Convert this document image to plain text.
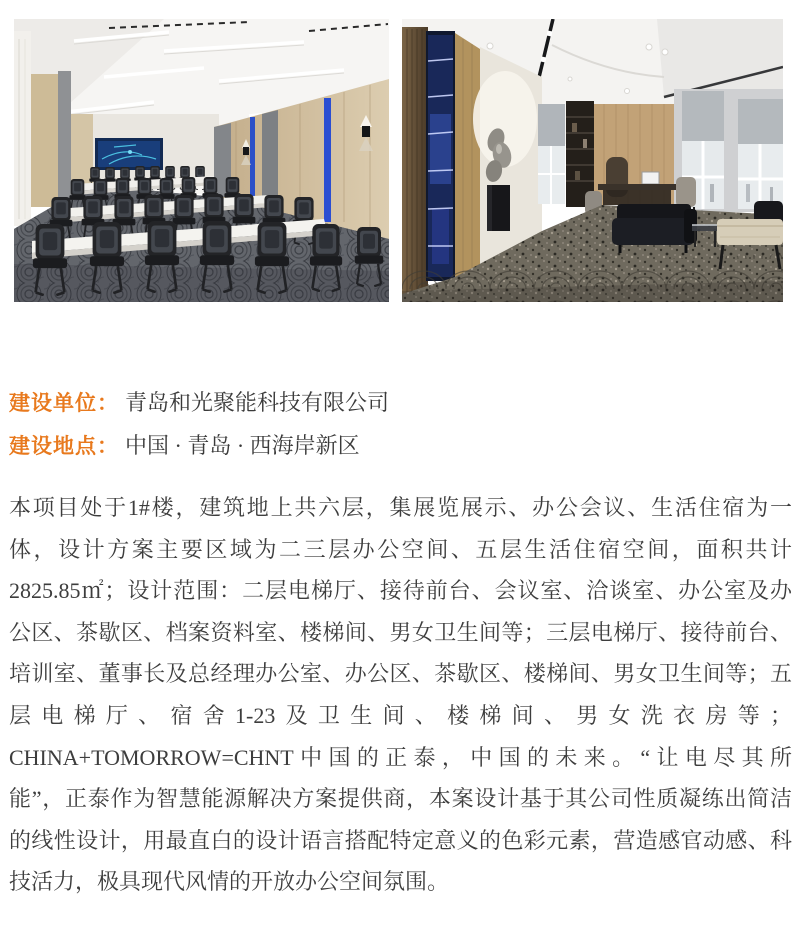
建设单位： 青岛和光聚能科技有限公司
建设地点： 中国 · 青岛 · 西海岸新区
本项目处于1#楼，建筑地上共六层，集展览展示、办公会议、生活住宿为一
体，设计方案主要区域为二三层办公空间、五层生活住宿空间，面积共计
2825.85㎡；设计范围：二层电梯厅、接待前台、会议室、洽谈室、办公室及办
公区、茶歇区、档案资料室、楼梯间、男女卫生间等；三层电梯厅、接待前台、
培训室、董事长及总经理办公室、办公区、茶歇区、楼梯间、男女卫生间等；五
层电梯厅、宿舍1-23及卫生间、楼梯间、男女洗衣房等；
CHINA+TOMORROW=CHNT中国的正泰，中国的未来。“让电尽其所
能”，正泰作为智慧能源解决方案提供商，本案设计基于其公司性质凝练出简洁
的线性设计，用最直白的设计语言搭配特定意义的色彩元素，营造感官动感、科
技活力，极具现代风情的开放办公空间氛围。
